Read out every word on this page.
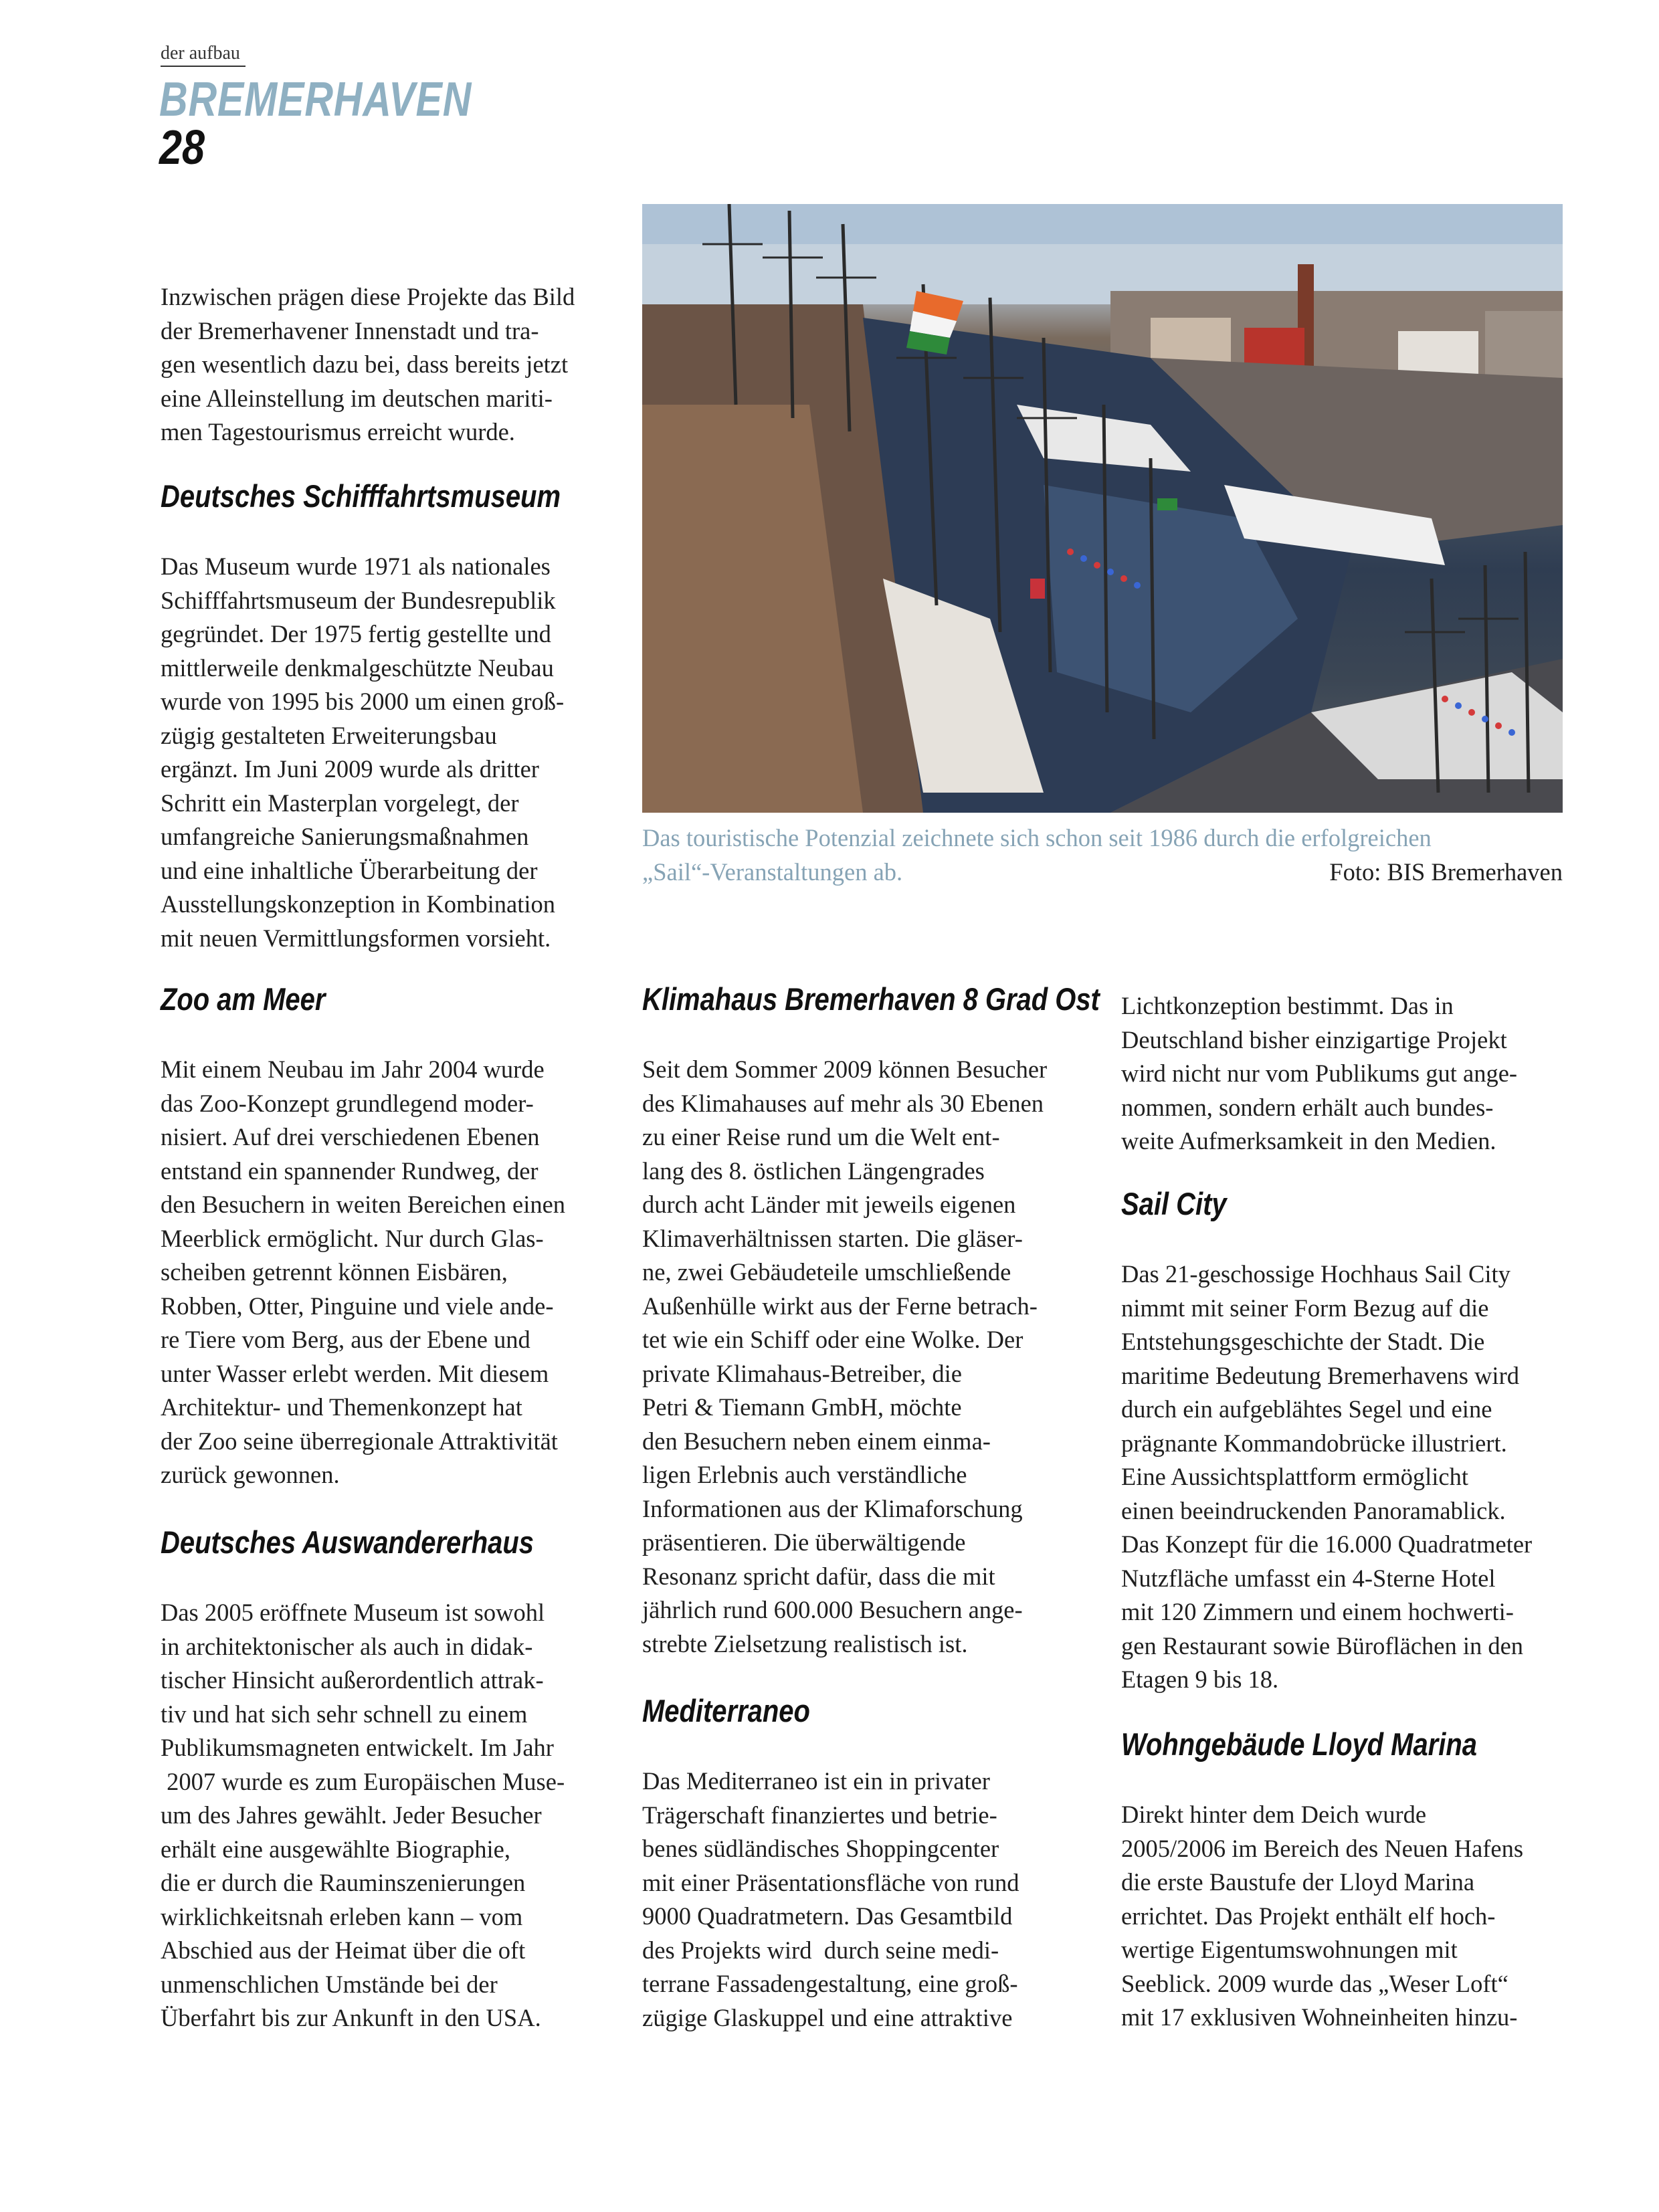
der aufbau
BREMERHAVEN
28
Das touristische Potenzial zeichnete sich schon seit 1986 durch die erfolgreichen
„Sail“-Veranstaltungen ab.	Foto: BIS Bremerhaven
Inzwischen prägen diese Projekte das Bild
der Bremerhavener Innenstadt und tra-
gen wesentlich dazu bei, dass bereits jetzt
eine Alleinstellung im deutschen mariti-
men Tagestourismus erreicht wurde.
Deutsches Schifffahrtsmuseum
Das Museum wurde 1971 als nationales
Schifffahrtsmuseum der Bundesrepublik
gegründet. Der 1975 fertig gestellte und
mittlerweile denkmalgeschützte Neubau
wurde von 1995 bis 2000 um einen groß-
zügig gestalteten Erweiterungsbau
ergänzt. Im Juni 2009 wurde als dritter
Schritt ein Masterplan vorgelegt, der
umfangreiche Sanierungsmaßnahmen
und eine inhaltliche Überarbeitung der
Ausstellungskonzeption in Kombination
mit neuen Vermittlungsformen vorsieht.
Zoo am Meer
Mit einem Neubau im Jahr 2004 wurde
das Zoo-Konzept grundlegend moder-
nisiert. Auf drei verschiedenen Ebenen
entstand ein spannender Rundweg, der
den Besuchern in weiten Bereichen einen
Meerblick ermöglicht. Nur durch Glas-
scheiben getrennt können Eisbären,
Robben, Otter, Pinguine und viele ande-
re Tiere vom Berg, aus der Ebene und
unter Wasser erlebt werden. Mit diesem
Architektur- und Themenkonzept hat
der Zoo seine überregionale Attraktivität
zurück gewonnen.
Deutsches Auswandererhaus
Das 2005 eröffnete Museum ist sowohl
in architektonischer als auch in didak-
tischer Hinsicht außerordentlich attrak-
tiv und hat sich sehr schnell zu einem
Publikumsmagneten entwickelt. Im Jahr
2007 wurde es zum Europäischen Muse-
um des Jahres gewählt. Jeder Besucher
erhält eine ausgewählte Biographie,
die er durch die Rauminszenierungen
wirklichkeitsnah erleben kann – vom
Abschied aus der Heimat über die oft
unmenschlichen Umstände bei der
Überfahrt bis zur Ankunft in den USA.
Klimahaus Bremerhaven 8 Grad Ost
Seit dem Sommer 2009 können Besucher
des Klimahauses auf mehr als 30 Ebenen
zu einer Reise rund um die Welt ent-
lang des 8. östlichen Längengrades
durch acht Länder mit jeweils eigenen
Klimaverhältnissen starten. Die gläser-
ne, zwei Gebäudeteile umschließende
Außenhülle wirkt aus der Ferne betrach-
tet wie ein Schiff oder eine Wolke. Der
private Klimahaus-Betreiber, die
Petri & Tiemann GmbH, möchte
den Besuchern neben einem einma-
ligen Erlebnis auch verständliche
Informationen aus der Klimaforschung
präsentieren. Die überwältigende
Resonanz spricht dafür, dass die mit
jährlich rund 600.000 Besuchern ange-
strebte Zielsetzung realistisch ist.
Mediterraneo
Das Mediterraneo ist ein in privater
Trägerschaft finanziertes und betrie-
benes südländisches Shoppingcenter
mit einer Präsentationsfläche von rund
9000 Quadratmetern. Das Gesamtbild
des Projekts wird  durch seine medi-
terrane Fassadengestaltung, eine groß-
zügige Glaskuppel und eine attraktive
Lichtkonzeption bestimmt. Das in
Deutschland bisher einzigartige Projekt
wird nicht nur vom Publikums gut ange-
nommen, sondern erhält auch bundes-
weite Aufmerksamkeit in den Medien.
Sail City
Das 21-geschossige Hochhaus Sail City
nimmt mit seiner Form Bezug auf die
Entstehungsgeschichte der Stadt. Die
maritime Bedeutung Bremerhavens wird
durch ein aufgeblähtes Segel und eine
prägnante Kommandobrücke illustriert.
Eine Aussichtsplattform ermöglicht
einen beeindruckenden Panoramablick.
Das Konzept für die 16.000 Quadratmeter
Nutzfläche umfasst ein 4-Sterne Hotel
mit 120 Zimmern und einem hochwerti-
gen Restaurant sowie Büroflächen in den
Etagen 9 bis 18.
Wohngebäude Lloyd Marina
Direkt hinter dem Deich wurde
2005/2006 im Bereich des Neuen Hafens
die erste Baustufe der Lloyd Marina
errichtet. Das Projekt enthält elf hoch-
wertige Eigentumswohnungen mit
Seeblick. 2009 wurde das „Weser Loft“
mit 17 exklusiven Wohneinheiten hinzu-
